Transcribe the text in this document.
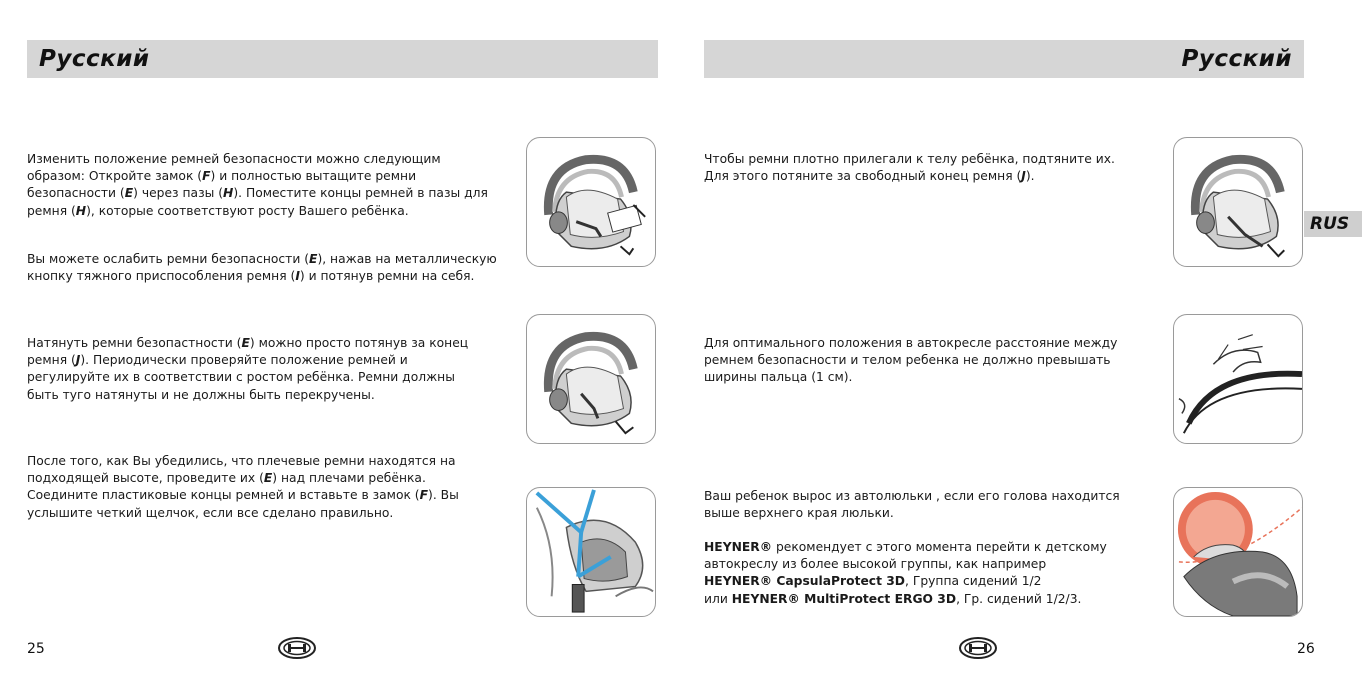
Русский
Изменить положение ремней безопасности можно следующим
образом: Откройте замок (F) и полностью вытащите ремни
безопасности (E) через пазы (H). Поместите концы ремней в пазы для
ремня (H), которые соответствуют росту Вашего ребёнка.
Вы можете ослабить ремни безопасности (E), нажав на металлическую
кнопку тяжного приспособления ремня (I) и потянув ремни на себя.
Натянуть ремни безопастности (E) можно просто потянув за конец
ремня (J). Периодически проверяйте положение ремней и
регулируйте их в соответствии с ростом ребёнка. Ремни должны
быть туго натянуты и не должны быть перекручены.
После того, как Вы убедились, что плечевые ремни находятся на
подходящей высоте, проведите их (E) над плечами ребёнка.
Соедините пластиковые концы ремней и вставьте в замок (F). Вы
услышите четкий щелчок, если все сделано правильно.
25
Русский
RUS
Чтобы ремни плотно прилегали к телу ребёнка, подтяните их.
Для этого потяните за свободный конец ремня (J).
Для оптимального положения в автокресле расстояние между
ремнем безопасности и телом ребенка не должно превышать
ширины пальца (1 см).
Ваш ребенок вырос из автолюльки , если его голова находится
выше верхнего края люльки.
HEYNER® рекомендует с этого момента перейти к детскому
автокреслу из более высокой группы, как например
HEYNER® CapsulaProtect 3D, Группа сидений 1/2
или HEYNER® MultiProtect ERGO 3D, Гр. сидений 1/2/3.
26
